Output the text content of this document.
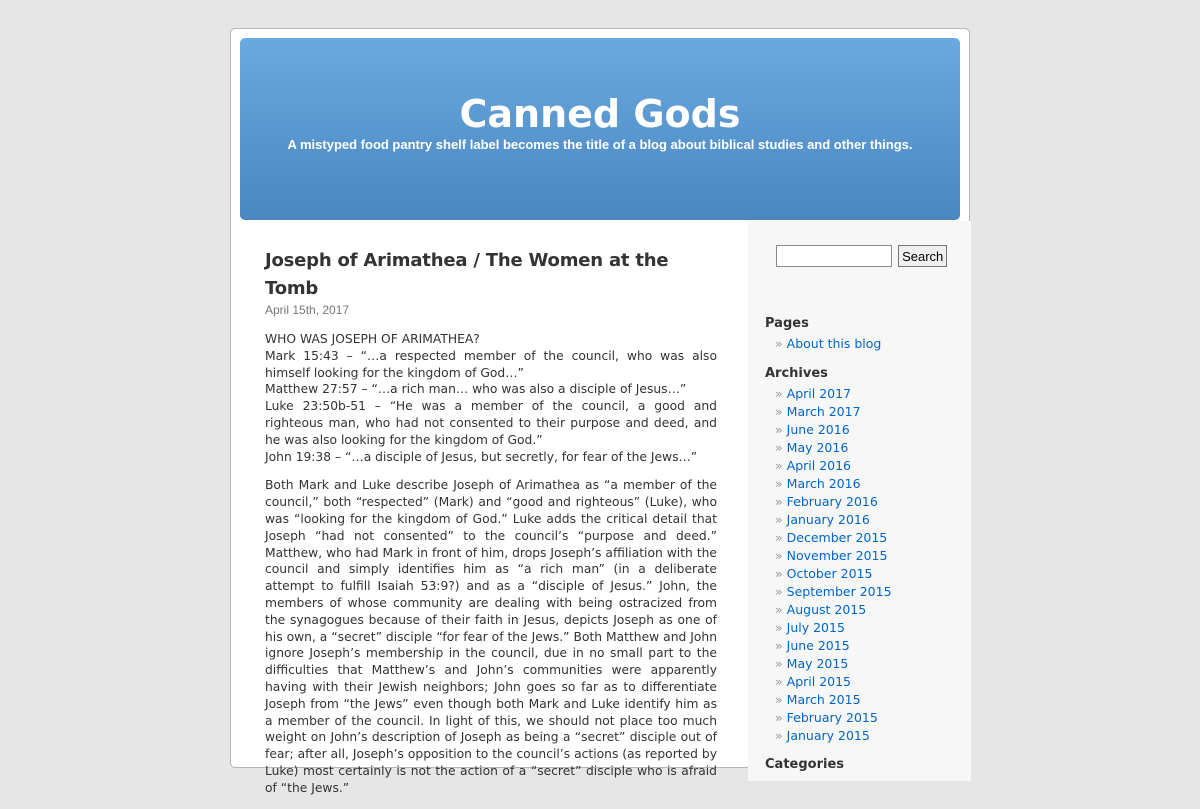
Canned Gods

A mistyped food pantry shelf label becomes the title of a blog about biblical studies and other things.

Joseph of Arimathea / The Women at the Tomb

April 15th, 2017

WHO WAS JOSEPH OF ARIMATHEA?
Mark 15:43 – “…a respected member of the council, who was also himself looking for the kingdom of God…”
Matthew 27:57 – “…a rich man… who was also a disciple of Jesus…”
Luke 23:50b-51 – “He was a member of the council, a good and righteous man, who had not consented to their purpose and deed, and he was also looking for the kingdom of God.”
John 19:38 – “…a disciple of Jesus, but secretly, for fear of the Jews…”
Both Mark and Luke describe Joseph of Arimathea as “a member of the council,” both “respected” (Mark) and “good and righteous” (Luke), who was “looking for the kingdom of God.” Luke adds the critical detail that Joseph “had not consented” to the council’s “purpose and deed.” Matthew, who had Mark in front of him, drops Joseph’s affiliation with the council and simply identifies him as “a rich man” (in a deliberate attempt to fulfill Isaiah 53:9?) and as a “disciple of Jesus.” John, the members of whose community are dealing with being ostracized from the synagogues because of their faith in Jesus, depicts Joseph as one of his own, a “secret” disciple “for fear of the Jews.” Both Matthew and John ignore Joseph’s membership in the council, due in no small part to the difficulties that Matthew’s and John’s communities were apparently having with their Jewish neighbors; John goes so far as to differentiate Joseph from “the Jews” even though both Mark and Luke identify him as a member of the council. In light of this, we should not place too much weight on John’s description of Joseph as being a “secret” disciple out of fear; after all, Joseph’s opposition to the council’s actions (as reported by Luke) most certainly is not the action of a “secret” disciple who is afraid of “the Jews.”
Search
Pages
» About this blog
Archives
» April 2017
» March 2017
» June 2016
» May 2016
» April 2016
» March 2016
» February 2016
» January 2016
» December 2015
» November 2015
» October 2015
» September 2015
» August 2015
» July 2015
» June 2015
» May 2015
» April 2015
» March 2015
» February 2015
» January 2015
Categories
